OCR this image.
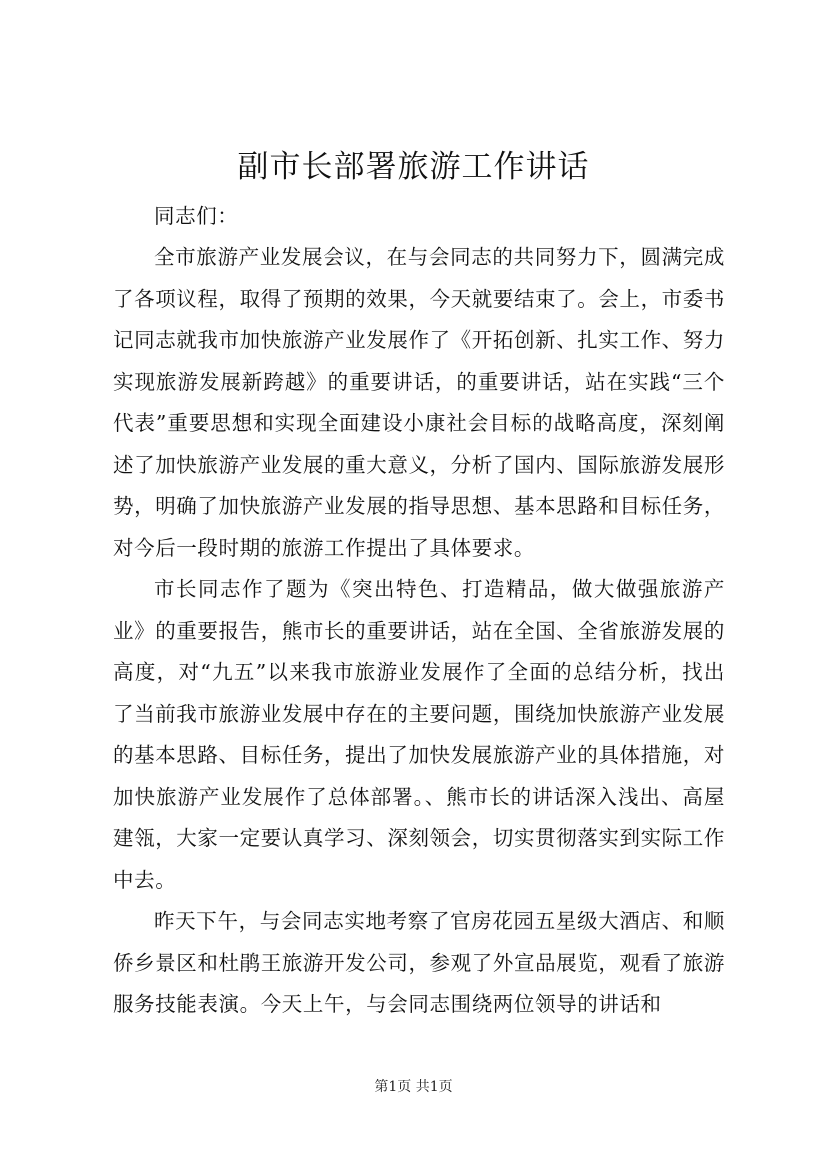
副市长部署旅游工作讲话

同志们：

全市旅游产业发展会议，在与会同志的共同努力下，圆满完成了各项议程，取得了预期的效果，今天就要结束了。会上，市委书记同志就我市加快旅游产业发展作了《开拓创新、扎实工作、努力实现旅游发展新跨越》的重要讲话，的重要讲话，站在实践“三个代表”重要思想和实现全面建设小康社会目标的战略高度，深刻阐述了加快旅游产业发展的重大意义，分析了国内、国际旅游发展形势，明确了加快旅游产业发展的指导思想、基本思路和目标任务，对今后一段时期的旅游工作提出了具体要求。

市长同志作了题为《突出特色、打造精品，做大做强旅游产业》的重要报告，熊市长的重要讲话，站在全国、全省旅游发展的高度，对“九五”以来我市旅游业发展作了全面的总结分析，找出了当前我市旅游业发展中存在的主要问题，围绕加快旅游产业发展的基本思路、目标任务，提出了加快发展旅游产业的具体措施，对加快旅游产业发展作了总体部署。、熊市长的讲话深入浅出、高屋建瓴，大家一定要认真学习、深刻领会，切实贯彻落实到实际工作中去。

昨天下午，与会同志实地考察了官房花园五星级大酒店、和顺侨乡景区和杜鹃王旅游开发公司，参观了外宣品展览，观看了旅游服务技能表演。今天上午，与会同志围绕两位领导的讲话和

第1页 共1页
